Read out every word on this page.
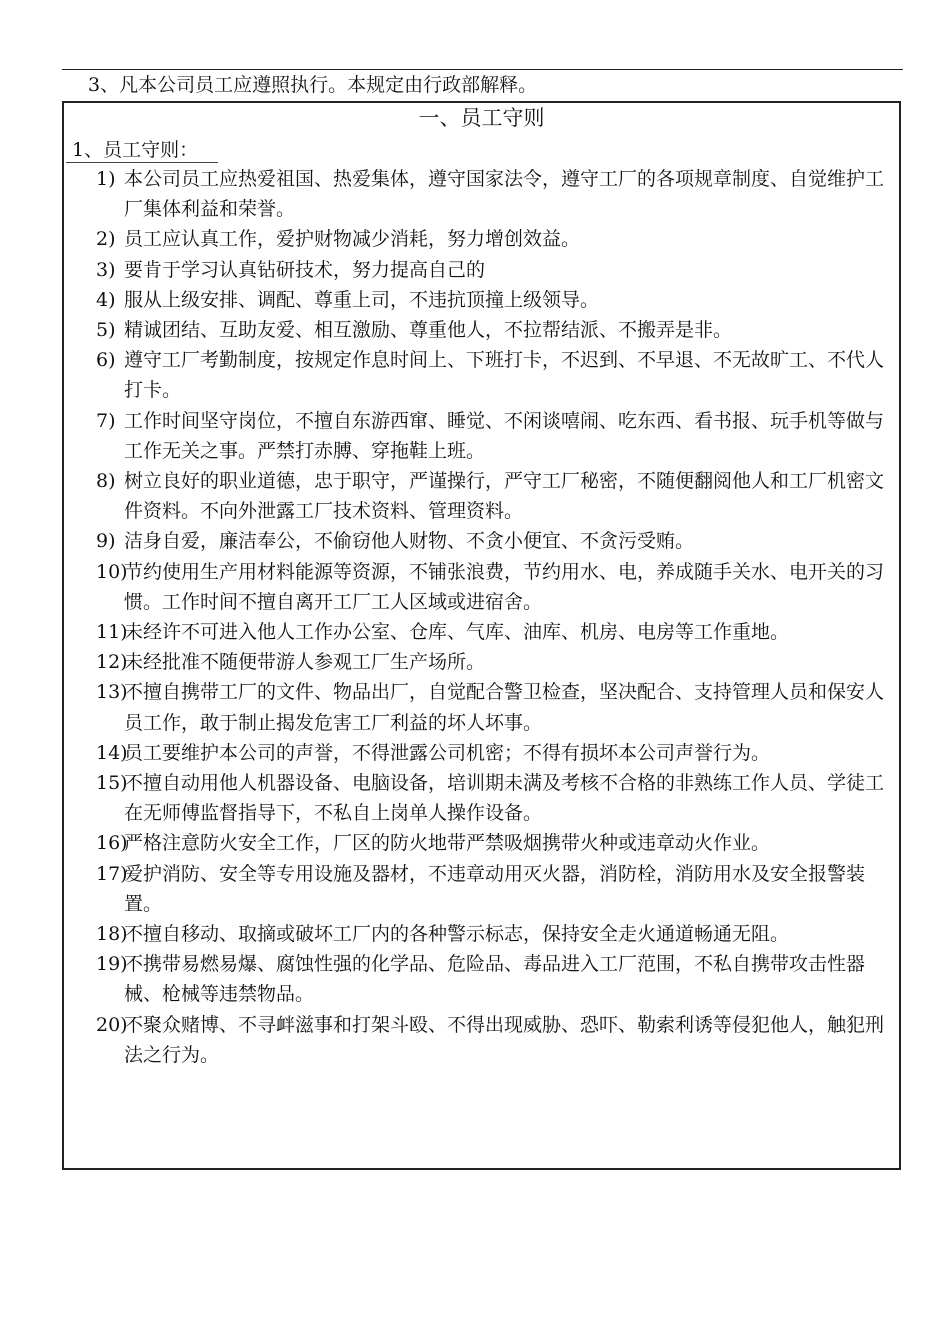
3、凡本公司员工应遵照执行。本规定由行政部解释。
一、员工守则
1、员工守则：
1) 本公司员工应热爱祖国、热爱集体，遵守国家法令，遵守工厂的各项规章制度、自觉维护工厂集体利益和荣誉。
2) 员工应认真工作，爱护财物减少消耗，努力增创效益。
3) 要肯于学习认真钻研技术，努力提高自己的
4) 服从上级安排、调配、尊重上司，不违抗顶撞上级领导。
5) 精诚团结、互助友爱、相互激励、尊重他人，不拉帮结派、不搬弄是非。
6) 遵守工厂考勤制度，按规定作息时间上、下班打卡，不迟到、不早退、不无故旷工、不代人打卡。
7) 工作时间坚守岗位，不擅自东游西窜、睡觉、不闲谈嘻闹、吃东西、看书报、玩手机等做与工作无关之事。严禁打赤膊、穿拖鞋上班。
8) 树立良好的职业道德，忠于职守，严谨操行，严守工厂秘密，不随便翻阅他人和工厂机密文件资料。不向外泄露工厂技术资料、管理资料。
9) 洁身自爱，廉洁奉公，不偷窃他人财物、不贪小便宜、不贪污受贿。
10)
节约使用生产用材料能源等资源，不铺张浪费，节约用水、电，养成随手关水、电开关的习惯。工作时间不擅自离开工厂工人区域或进宿舍。
11)
未经许不可进入他人工作办公室、仓库、气库、油库、机房、电房等工作重地。
12)
未经批准不随便带游人参观工厂生产场所。
13)
不擅自携带工厂的文件、物品出厂，自觉配合警卫检查，坚决配合、支持管理人员和保安人员工作，敢于制止揭发危害工厂利益的坏人坏事。
14)
员工要维护本公司的声誉，不得泄露公司机密；不得有损坏本公司声誉行为。
15)
不擅自动用他人机器设备、电脑设备，培训期未满及考核不合格的非熟练工作人员、学徒工在无师傅监督指导下，不私自上岗单人操作设备。
16)
严格注意防火安全工作，厂区的防火地带严禁吸烟携带火种或违章动火作业。
17)
爱护消防、安全等专用设施及器材，不违章动用灭火器，消防栓，消防用水及安全报警装置。
18)
不擅自移动、取摘或破坏工厂内的各种警示标志，保持安全走火通道畅通无阻。
19)
不携带易燃易爆、腐蚀性强的化学品、危险品、毒品进入工厂范围，不私自携带攻击性器械、枪械等违禁物品。
20)
不聚众赌博、不寻衅滋事和打架斗殴、不得出现威胁、恐吓、勒索利诱等侵犯他人，触犯刑法之行为。
